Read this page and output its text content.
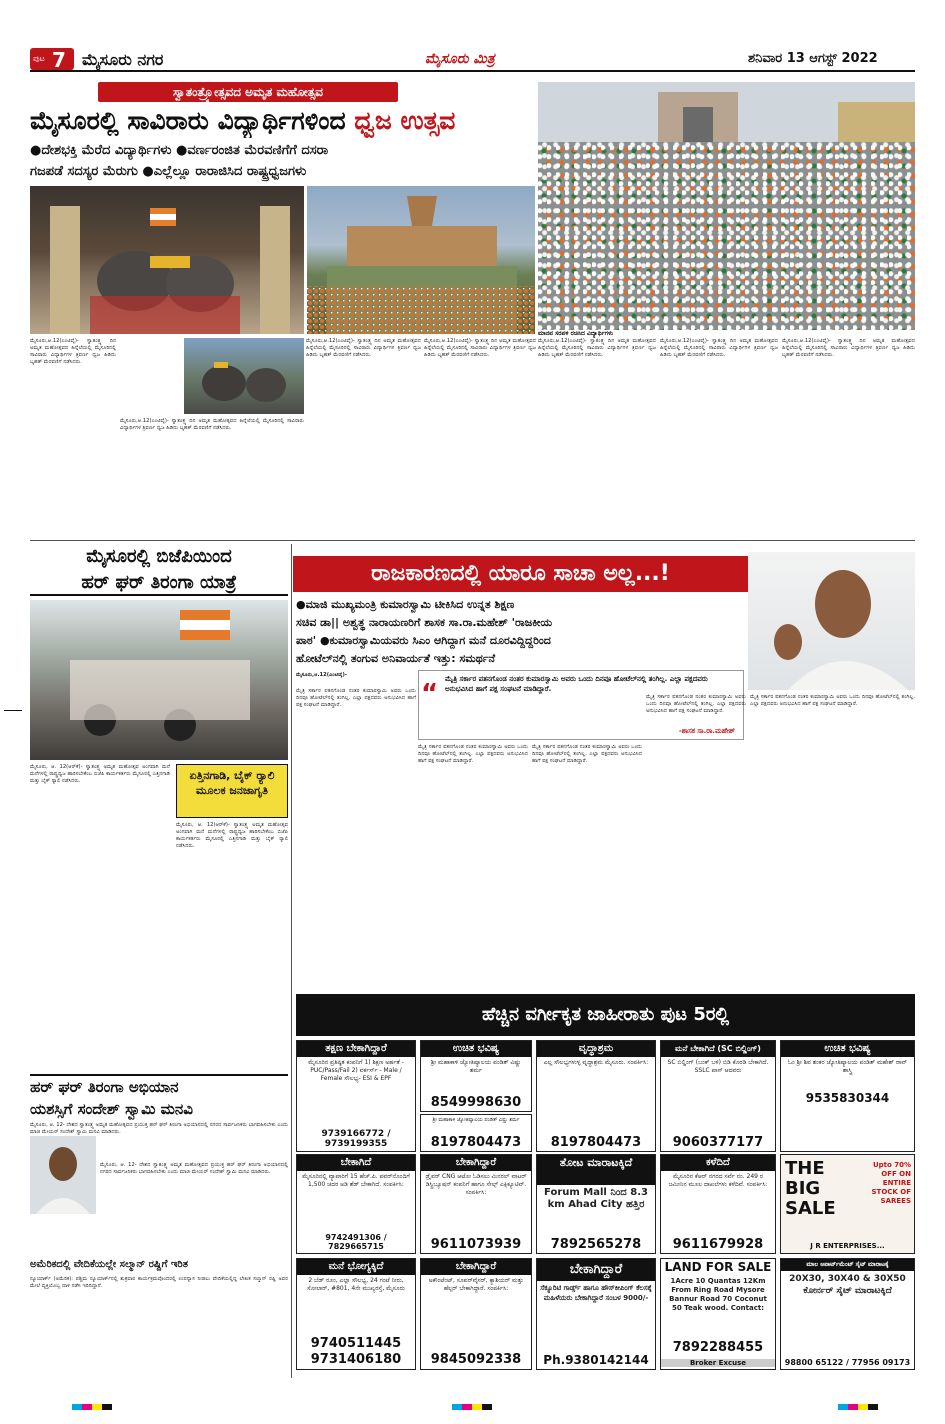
ಪುಟ 7 ಮೈಸೂರು ನಗರ	ಮೈಸೂರು ಮಿತ್ರ	ಶನಿವಾರ 13 ಆಗಸ್ಟ್ 2022
ಸ್ವಾತಂತ್ರ್ಯೋತ್ಸವದ ಅಮೃತ ಮಹೋತ್ಸವ
ಮೈಸೂರಲ್ಲಿ ಸಾವಿರಾರು ವಿದ್ಯಾರ್ಥಿಗಳಿಂದ ಧ್ವಜ ಉತ್ಸವ
●ದೇಶಭಕ್ತಿ ಮೆರೆದ ವಿದ್ಯಾರ್ಥಿಗಳು ●ವರ್ಣರಂಜಿತ ಮೆರವಣಿಗೆಗೆ ದಸರಾ
ಗಜಪಡೆ ಸದಸ್ಯರ ಮೆರುಗು ●ಎಲ್ಲೆಲ್ಲೂ ರಾರಾಜಿಸಿದ ರಾಷ್ಟ್ರಧ್ವಜಗಳು
ಮಾನವ ಸರಪಳಿ ರಚಿಸಿದ ವಿದ್ಯಾರ್ಥಿಗಳು
ಮೈಸೂರು,ಆ.12(ಎಂಟಿವೈ)- ಸ್ವಾತಂತ್ರ್ಯ ದಿನ ಅಮೃತ ಮಹೋತ್ಸವದ ಹಿನ್ನೆಲೆಯಲ್ಲಿ ಮೈಸೂರಿನಲ್ಲಿ ಸಾವಿರಾರು ವಿದ್ಯಾರ್ಥಿಗಳ ತ್ರಿವರ್ಣ ಧ್ವಜ ಹಿಡಿದು ಬೃಹತ್ ಮೆರವಣಿಗೆ ನಡೆಸಿದರು.
ಮೈಸೂರು,ಆ.12(ಎಂಟಿವೈ)- ಸ್ವಾತಂತ್ರ್ಯ ದಿನ ಅಮೃತ ಮಹೋತ್ಸವದ ಹಿನ್ನೆಲೆಯಲ್ಲಿ ಮೈಸೂರಿನಲ್ಲಿ ಸಾವಿರಾರು ವಿದ್ಯಾರ್ಥಿಗಳ ತ್ರಿವರ್ಣ ಧ್ವಜ ಹಿಡಿದು ಬೃಹತ್ ಮೆರವಣಿಗೆ ನಡೆಸಿದರು.
ಮೈಸೂರು,ಆ.12(ಎಂಟಿವೈ)- ಸ್ವಾತಂತ್ರ್ಯ ದಿನ ಅಮೃತ ಮಹೋತ್ಸವದ ಹಿನ್ನೆಲೆಯಲ್ಲಿ ಮೈಸೂರಿನಲ್ಲಿ ಸಾವಿರಾರು ವಿದ್ಯಾರ್ಥಿಗಳ ತ್ರಿವರ್ಣ ಧ್ವಜ ಹಿಡಿದು ಬೃಹತ್ ಮೆರವಣಿಗೆ ನಡೆಸಿದರು.
ಮೈಸೂರು,ಆ.12(ಎಂಟಿವೈ)- ಸ್ವಾತಂತ್ರ್ಯ ದಿನ ಅಮೃತ ಮಹೋತ್ಸವದ ಹಿನ್ನೆಲೆಯಲ್ಲಿ ಮೈಸೂರಿನಲ್ಲಿ ಸಾವಿರಾರು ವಿದ್ಯಾರ್ಥಿಗಳ ತ್ರಿವರ್ಣ ಧ್ವಜ ಹಿಡಿದು ಬೃಹತ್ ಮೆರವಣಿಗೆ ನಡೆಸಿದರು.
ಮೈಸೂರು,ಆ.12(ಎಂಟಿವೈ)- ಸ್ವಾತಂತ್ರ್ಯ ದಿನ ಅಮೃತ ಮಹೋತ್ಸವದ ಹಿನ್ನೆಲೆಯಲ್ಲಿ ಮೈಸೂರಿನಲ್ಲಿ ಸಾವಿರಾರು ವಿದ್ಯಾರ್ಥಿಗಳ ತ್ರಿವರ್ಣ ಧ್ವಜ ಹಿಡಿದು ಬೃಹತ್ ಮೆರವಣಿಗೆ ನಡೆಸಿದರು.
ಮೈಸೂರು,ಆ.12(ಎಂಟಿವೈ)- ಸ್ವಾತಂತ್ರ್ಯ ದಿನ ಅಮೃತ ಮಹೋತ್ಸವದ ಹಿನ್ನೆಲೆಯಲ್ಲಿ ಮೈಸೂರಿನಲ್ಲಿ ಸಾವಿರಾರು ವಿದ್ಯಾರ್ಥಿಗಳ ತ್ರಿವರ್ಣ ಧ್ವಜ ಹಿಡಿದು ಬೃಹತ್ ಮೆರವಣಿಗೆ ನಡೆಸಿದರು.
ಮೈಸೂರು,ಆ.12(ಎಂಟಿವೈ)- ಸ್ವಾತಂತ್ರ್ಯ ದಿನ ಅಮೃತ ಮಹೋತ್ಸವದ ಹಿನ್ನೆಲೆಯಲ್ಲಿ ಮೈಸೂರಿನಲ್ಲಿ ಸಾವಿರಾರು ವಿದ್ಯಾರ್ಥಿಗಳ ತ್ರಿವರ್ಣ ಧ್ವಜ ಹಿಡಿದು ಬೃಹತ್ ಮೆರವಣಿಗೆ ನಡೆಸಿದರು.
ಮೈಸೂರಲ್ಲಿ ಬಿಜೆಪಿಯಿಂದ
ಹರ್ ಘರ್ ತಿರಂಗಾ ಯಾತ್ರೆ
ಮೈಸೂರು, ಆ. 12(ಆರ್‌ಕೆ)- ಸ್ವಾತಂತ್ರ್ಯ ಅಮೃತ ಮಹೋತ್ಸವ ಅಂಗವಾಗಿ ಮನೆ ಮನೆಗಳಲ್ಲಿ ರಾಷ್ಟ್ರಧ್ವಜ ಹಾರಿಸಬೇಕೆಂಬ ಬಿಜೆಪಿ ಕಾರ್ಯಕರ್ತರು ಮೈಸೂರಲ್ಲಿ ಎತ್ತಿನಗಾಡಿ ಮತ್ತು ಬೈಕ್ ರ‍್ಯಾಲಿ ನಡೆಸಿದರು.	ಏತ್ತಿನಗಾಡಿ, ಬೈಕ್ ರ‍್ಯಾಲಿ ಮೂಲಕ ಜನಜಾಗೃತಿ
ಮೈಸೂರು, ಆ. 12(ಆರ್‌ಕೆ)- ಸ್ವಾತಂತ್ರ್ಯ ಅಮೃತ ಮಹೋತ್ಸವ ಅಂಗವಾಗಿ ಮನೆ ಮನೆಗಳಲ್ಲಿ ರಾಷ್ಟ್ರಧ್ವಜ ಹಾರಿಸಬೇಕೆಂಬ ಬಿಜೆಪಿ ಕಾರ್ಯಕರ್ತರು ಮೈಸೂರಲ್ಲಿ ಎತ್ತಿನಗಾಡಿ ಮತ್ತು ಬೈಕ್ ರ‍್ಯಾಲಿ ನಡೆಸಿದರು.
ರಾಜಕಾರಣದಲ್ಲಿ ಯಾರೂ ಸಾಚಾ ಅಲ್ಲ...!
●ಮಾಜಿ ಮುಖ್ಯಮಂತ್ರಿ ಕುಮಾರಸ್ವಾಮಿ ಟೀಕಿಸಿದ ಉನ್ನತ ಶಿಕ್ಷಣ
ಸಚಿವ ಡಾ|| ಅಶ್ವತ್ಥ ನಾರಾಯಣರಿಗೆ ಶಾಸಕ ಸಾ.ರಾ.ಮಹೇಶ್ 'ರಾಜಕೀಯ
ಪಾಠ' ●ಕುಮಾರಸ್ವಾಮಿಯವರು ಸಿಎಂ ಆಗಿದ್ದಾಗ ಮನೆ ದೂರವಿದ್ದಿದ್ದರಿಂದ
ಹೋಟೆಲ್‌ನಲ್ಲಿ ತಂಗುವ ಅನಿವಾರ್ಯತೆ ಇತ್ತು: ಸಮರ್ಥನೆ
ಮೈಸೂರು,ಆ.12(ಎಂಟಿವೈ)-
“ ಮೈತ್ರಿ ಸರ್ಕಾರ ಪತನಗೊಂಡ ನಂತರ ಕುಮಾರಸ್ವಾಮಿ ಅವರು ಒಂದು ದಿನವೂ ಹೋಟೆಲ್‌ನಲ್ಲಿ ತಂಗಿಲ್ಲ. ಎಲ್ಲಾ ಪಕ್ಷದವರು ಅನುಭವಿಸಿದ ಹಾಗೆ ಪಕ್ಷ ಸಂಘಟನೆ ಮಾಡಿದ್ದಾರೆ.
-ಶಾಸಕ ಸಾ.ರಾ.ಮಹೇಶ್
ಮೈತ್ರಿ ಸರ್ಕಾರ ಪತನಗೊಂಡ ನಂತರ ಕುಮಾರಸ್ವಾಮಿ ಅವರು ಒಂದು ದಿನವೂ ಹೋಟೆಲ್‌ನಲ್ಲಿ ತಂಗಿಲ್ಲ. ಎಲ್ಲಾ ಪಕ್ಷದವರು ಅನುಭವಿಸಿದ ಹಾಗೆ ಪಕ್ಷ ಸಂಘಟನೆ ಮಾಡಿದ್ದಾರೆ.
ಮೈತ್ರಿ ಸರ್ಕಾರ ಪತನಗೊಂಡ ನಂತರ ಕುಮಾರಸ್ವಾಮಿ ಅವರು ಒಂದು ದಿನವೂ ಹೋಟೆಲ್‌ನಲ್ಲಿ ತಂಗಿಲ್ಲ. ಎಲ್ಲಾ ಪಕ್ಷದವರು ಅನುಭವಿಸಿದ ಹಾಗೆ ಪಕ್ಷ ಸಂಘಟನೆ ಮಾಡಿದ್ದಾರೆ.
ಮೈತ್ರಿ ಸರ್ಕಾರ ಪತನಗೊಂಡ ನಂತರ ಕುಮಾರಸ್ವಾಮಿ ಅವರು ಒಂದು ದಿನವೂ ಹೋಟೆಲ್‌ನಲ್ಲಿ ತಂಗಿಲ್ಲ. ಎಲ್ಲಾ ಪಕ್ಷದವರು ಅನುಭವಿಸಿದ ಹಾಗೆ ಪಕ್ಷ ಸಂಘಟನೆ ಮಾಡಿದ್ದಾರೆ.
ಮೈತ್ರಿ ಸರ್ಕಾರ ಪತನಗೊಂಡ ನಂತರ ಕುಮಾರಸ್ವಾಮಿ ಅವರು ಒಂದು ದಿನವೂ ಹೋಟೆಲ್‌ನಲ್ಲಿ ತಂಗಿಲ್ಲ. ಎಲ್ಲಾ ಪಕ್ಷದವರು ಅನುಭವಿಸಿದ ಹಾಗೆ ಪಕ್ಷ ಸಂಘಟನೆ ಮಾಡಿದ್ದಾರೆ.
ಮೈತ್ರಿ ಸರ್ಕಾರ ಪತನಗೊಂಡ ನಂತರ ಕುಮಾರಸ್ವಾಮಿ ಅವರು ಒಂದು ದಿನವೂ ಹೋಟೆಲ್‌ನಲ್ಲಿ ತಂಗಿಲ್ಲ. ಎಲ್ಲಾ ಪಕ್ಷದವರು ಅನುಭವಿಸಿದ ಹಾಗೆ ಪಕ್ಷ ಸಂಘಟನೆ ಮಾಡಿದ್ದಾರೆ.
ಹರ್ ಘರ್ ತಿರಂಗಾ ಅಭಿಯಾನ
ಯಶಸ್ಸಿಗೆ ಸಂದೇಶ್ ಸ್ವಾಮಿ ಮನವಿ
ಮೈಸೂರು, ಆ. 12- ದೇಶದ ಸ್ವಾತಂತ್ರ್ಯ ಅಮೃತ ಮಹೋತ್ಸವದ ಪ್ರಯುಕ್ತ ಹರ್ ಘರ್ ತಿರಂಗಾ ಅಭಿಯಾನದಲ್ಲಿ ನಗರದ ಸಾರ್ವಜನಿಕರು ಭಾಗವಹಿಸಬೇಕು ಎಂದು ಮಾಜಿ ಮೇಯರ್ ಸಂದೇಶ್ ಸ್ವಾಮಿ ಮನವಿ ಮಾಡಿದರು.
ಮೈಸೂರು, ಆ. 12- ದೇಶದ ಸ್ವಾತಂತ್ರ್ಯ ಅಮೃತ ಮಹೋತ್ಸವದ ಪ್ರಯುಕ್ತ ಹರ್ ಘರ್ ತಿರಂಗಾ ಅಭಿಯಾನದಲ್ಲಿ ನಗರದ ಸಾರ್ವಜನಿಕರು ಭಾಗವಹಿಸಬೇಕು ಎಂದು ಮಾಜಿ ಮೇಯರ್ ಸಂದೇಶ್ ಸ್ವಾಮಿ ಮನವಿ ಮಾಡಿದರು.
ಅಮೆರಿಕದಲ್ಲಿ ವೇದಿಕೆಯಲ್ಲೇ ಸಲ್ಮಾನ್ ರಷ್ದಿಗೆ ಇರಿತ
ನ್ಯೂಯಾರ್ಕ್ (ಅಮೆರಿಕ): ಪಶ್ಚಿಮ ನ್ಯೂಯಾರ್ಕ್‌ನಲ್ಲಿ ಶುಕ್ರವಾರ ಕಾರ್ಯಕ್ರಮವೊಂದರಲ್ಲಿ ಉಪನ್ಯಾಸ ನೀಡಲು ವೇದಿಕೆಯಲ್ಲಿದ್ದ ಲೇಖಕ ಸಲ್ಮಾನ್ ರಷ್ದಿ ಅವರ ಮೇಲೆ ವ್ಯಕ್ತಿಯೊಬ್ಬ ದಾಳಿ ನಡೆಸಿ ಇರಿದಿದ್ದಾನೆ.
ಹೆಚ್ಚಿನ ವರ್ಗೀಕೃತ ಜಾಹೀರಾತು ಪುಟ 5ರಲ್ಲಿ
ತಕ್ಷಣ ಬೇಕಾಗಿದ್ದಾರೆ
ಮೈಸೂರಿನ ಪ್ರತಿಷ್ಠಿತ ಕಂಪನಿಗೆ 1) ಶಿಕ್ಷಣ ಅರ್ಹತೆ - PUC/Pass/Fail 2) ವರ್ಕರ್ಸ್ - Male / Female ಸೌಲಭ್ಯ- ESI & EPF
9739166772 / 9739199355
ಉಚಿತ ಭವಿಷ್ಯ
ಶ್ರೀ ಮಹಾಕಾಳಿ ಜ್ಯೋತಿಷ್ಯಾಲಯ ಪಂಡಿತ್ ವಿಷ್ಣು ಶರ್ಮ
8549998630
ಶ್ರೀ ಮಹಾಕಾಳಿ ಜ್ಯೋತಿಷ್ಯಾಲಯ ಪಂಡಿತ್ ವಿಷ್ಣು ಶರ್ಮ
8197804473
ವೃದ್ಧಾಶ್ರಮ
ಎಲ್ಲ ಸೌಲಭ್ಯಗಳುಳ್ಳ ವೃದ್ಧಾಶ್ರಮ ಮೈಸೂರು. ಸಂಪರ್ಕಿಸಿ:
8197804473
ಮನೆ ಬೇಕಾಗಿದೆ (SC ಬಿಲ್ಡಿಂಗ್)
SC ಬಿಲ್ಡಿಂಗ್ (ಬಂಕ್ ಬಳಿ) ಬಿಡಿ ಕೊಠಡಿ ಬೇಕಾಗಿದೆ. SSLC ಪಾಸ್ ಆದವರು
9060377177
ಉಚಿತ ಭವಿಷ್ಯ
ಓಂ ಶ್ರೀ ಶಿವ ಶಂಕರ ಜ್ಯೋತಿಷ್ಯಾಲಯ ಪಂಡಿತ್ ಮಹೇಶ್ ರಾವ್ ಶಾಸ್ತ್ರಿ
9535830344
ಬೇಕಾಗಿದೆ
ಮೈಸೂರಿನಲ್ಲಿ ವ್ಯಾಪಾರಿಗೆ 15 ಹೆಚ್.ಪಿ. ಪವರ್‌ನೊಂದಿಗೆ 1,500 ಚದರ ಅಡಿ ಶೆಡ್ ಬೇಕಾಗಿದೆ. ಸಂಪರ್ಕಿಸಿ:
9742491306 / 7829665715
ಬೇಕಾಗಿದ್ದಾರೆ
ಡ್ರೈವರ್ CNG ಆಟೋ ಓಡಿಸಲು ಮಿನರಲ್ ವಾಟರ್ ಡಿಸ್ಟ್ರಿಬ್ಯೂಷನ್ ಕಂಪನಿಗೆ ಹಾಗೂ ಸೇಲ್ಸ್ ಎಕ್ಸಿಕ್ಯೂಟಿವ್. ಸಂಪರ್ಕಿಸಿ:
9611073939
ತೋಟ ಮಾರಾಟಕ್ಕಿದೆ
Forum Mall ನಿಂದ 8.3 km Ahad City ಹತ್ತಿರ
7892565278
ಕಳೆದಿದೆ
ಮೈಸೂರಿನ ಕೆಆರ್ ನಗರದ ಸರ್ವೆ ನಂ. 249 ರ ಜಮೀನಿನ ಮೂಲ ದಾಖಲೆಗಳು ಕಳೆದಿವೆ. ಸಂಪರ್ಕಿಸಿ:
9611679928
THE BIG SALE
Upto 70% OFF ON ENTIRE STOCK OF SAREES
J R ENTERPRISES...
ಮನೆ ಭೋಗ್ಯಕ್ಕಿದೆ
2 ಬೆಡ್ ರೂಂ, ಎಲ್ಲಾ ಸೌಲಭ್ಯ, 24 ಗಂಟೆ ನೀರು, ಸೋಲಾರ್, #801, 4ನೇ ಮುಖ್ಯರಸ್ತೆ, ಮೈಸೂರು
9740511445
9731406180
ಬೇಕಾಗಿದ್ದಾರೆ
ಅಕೌಂಟೆಂಟ್, ಸೂಪರ್‌ವೈಸರ್, ಕ್ಯಾಶಿಯರ್ ಮತ್ತು ಹೆಲ್ಪರ್ ಬೇಕಾಗಿದ್ದಾರೆ. ಸಂಪರ್ಕಿಸಿ:
9845092338
ಬೇಕಾಗಿದ್ದಾರೆ
ಸೆಕ್ಯೂರಿಟಿ ಗಾರ್ಡ್ಸ್ ಹಾಗೂ ಹೌಸ್‌ಕೀಪಿಂಗ್ ಕೆಲಸಕ್ಕೆ ಮಹಿಳೆಯರು ಬೇಕಾಗಿದ್ದಾರೆ ಸಂಬಳ 9000/-
Ph.9380142144
LAND FOR SALE
1Acre 10 Quantas 12Km From Ring Road Mysore Bannur Road 70 Coconut 50 Teak wood. Contact:
7892288455
Broker Excuse
ಮಾಲ ಅಪಾರ್ಟ್‌ಮೆಂಟ್ ಸೈಟ್ ಮಾರಾಟಕ್ಕೆ
20X30, 30X40 & 30X50 ಕೋರ್ನರ್ ಸೈಟ್ ಮಾರಾಟಕ್ಕಿದೆ
98800 65122 / 77956 09173
